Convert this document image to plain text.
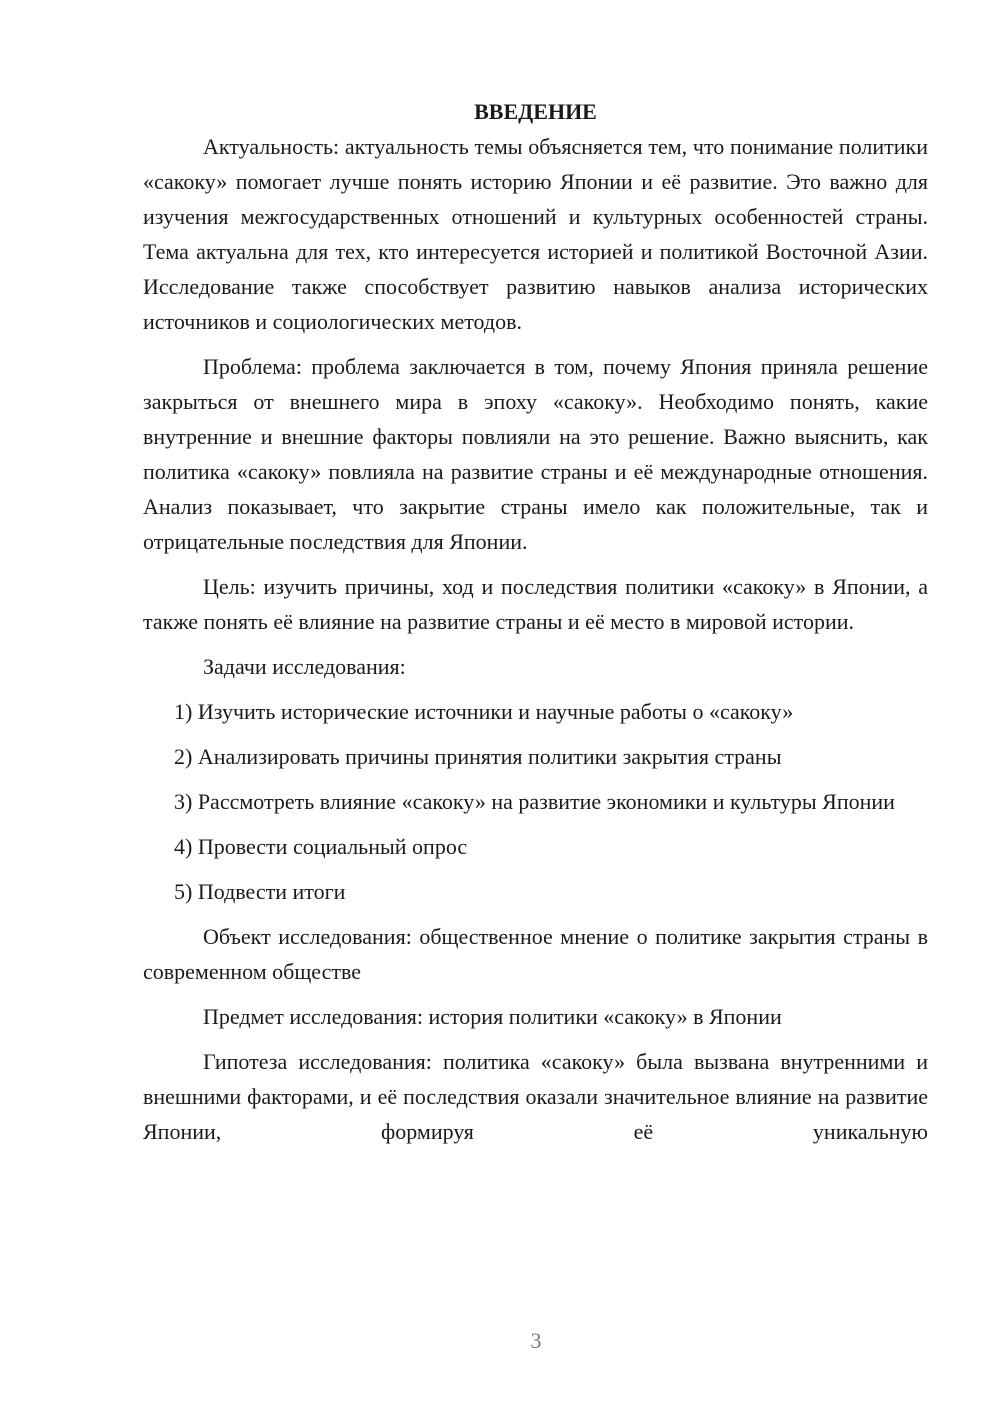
ВВЕДЕНИЕ

Актуальность: актуальность темы объясняется тем, что понимание политики «сакоку» помогает лучше понять историю Японии и её развитие. Это важно для изучения межгосударственных отношений и культурных особенностей страны. Тема актуальна для тех, кто интересуется историей и политикой Восточной Азии. Исследование также способствует развитию навыков анализа исторических источников и социологических методов.

Проблема: проблема заключается в том, почему Япония приняла решение закрыться от внешнего мира в эпоху «сакоку». Необходимо понять, какие внутренние и внешние факторы повлияли на это решение. Важно выяснить, как политика «сакоку» повлияла на развитие страны и её международные отношения. Анализ показывает, что закрытие страны имело как положительные, так и отрицательные последствия для Японии.

Цель: изучить причины, ход и последствия политики «сакоку» в Японии, а также понять её влияние на развитие страны и её место в мировой истории.

Задачи исследования:

1) Изучить исторические источники и научные работы о «сакоку»

2) Анализировать причины принятия политики закрытия страны

3) Рассмотреть влияние «сакоку» на развитие экономики и культуры Японии

4) Провести социальный опрос

5) Подвести итоги

Объект исследования: общественное мнение о политике закрытия страны в современном обществе

Предмет исследования: история политики «сакоку» в Японии

Гипотеза исследования: политика «сакоку» была вызвана внутренними и внешними факторами, и её последствия оказали значительное влияние на развитие Японии, формируя её уникальную

3
